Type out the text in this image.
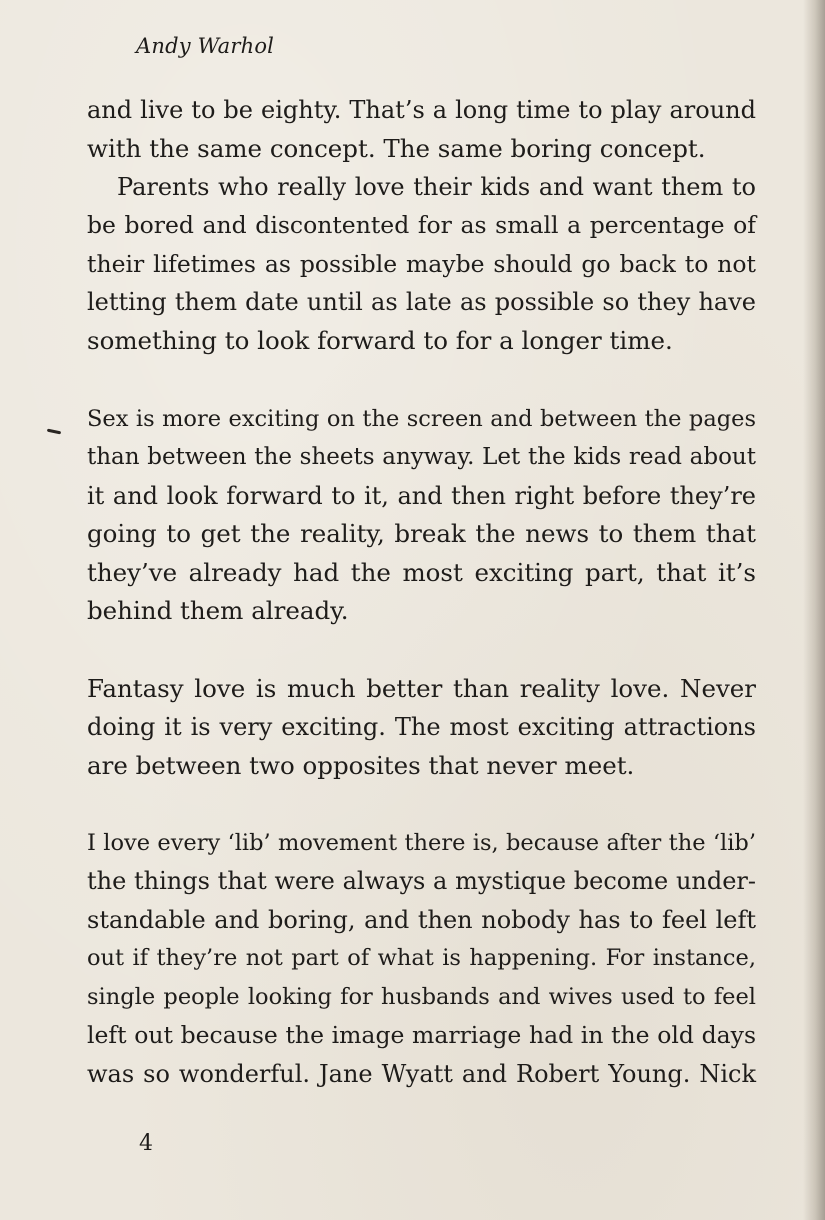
Andy Warhol
and live to be eighty. That’s a long time to play around
with the same concept. The same boring concept.
Parents who really love their kids and want them to
be bored and discontented for as small a percentage of
their lifetimes as possible maybe should go back to not
letting them date until as late as possible so they have
something to look forward to for a longer time.
Sex is more exciting on the screen and between the pages
than between the sheets anyway. Let the kids read about
it and look forward to it, and then right before they’re
going to get the reality, break the news to them that
they’ve already had the most exciting part, that it’s
behind them already.
Fantasy love is much better than reality love. Never
doing it is very exciting. The most exciting attractions
are between two opposites that never meet.
I love every ‘lib’ movement there is, because after the ‘lib’
the things that were always a mystique become under-
standable and boring, and then nobody has to feel left
out if they’re not part of what is happening. For instance,
single people looking for husbands and wives used to feel
left out because the image marriage had in the old days
was so wonderful. Jane Wyatt and Robert Young. Nick
4
